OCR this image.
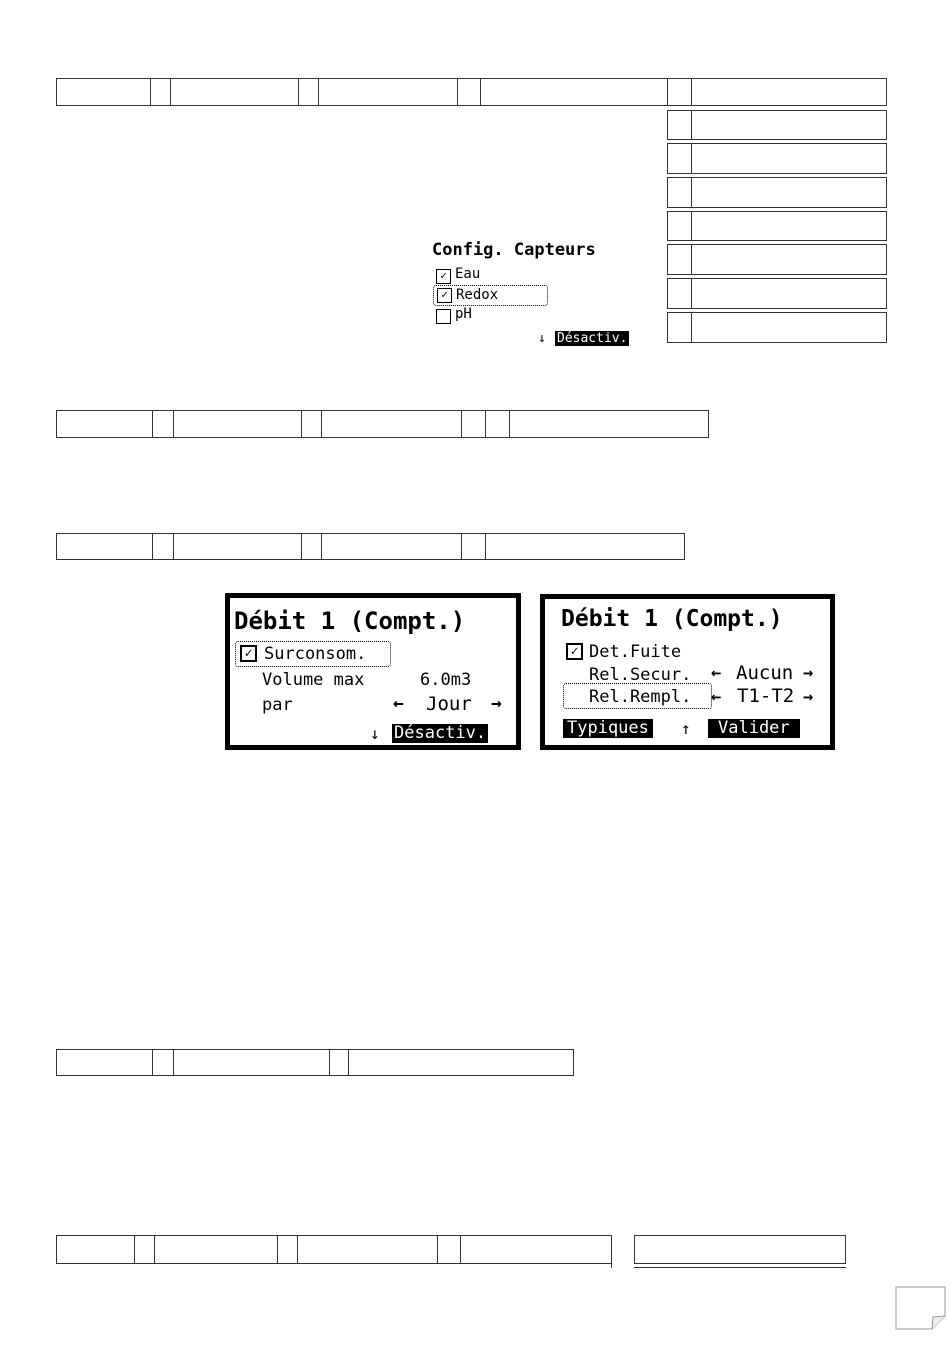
Config. Capteurs
✓ Eau
✓ Redox
pH
↓ Désactiv.
Débit 1 (Compt.)
✓ Surconsom.
Volume max	6.0m3
par	← Jour →
↓ Désactiv.
Débit 1 (Compt.)
✓ Det.Fuite
Rel.Secur. ← Aucun →
Rel.Rempl. ← T1-T2 →
Typiques ↑	Valider
